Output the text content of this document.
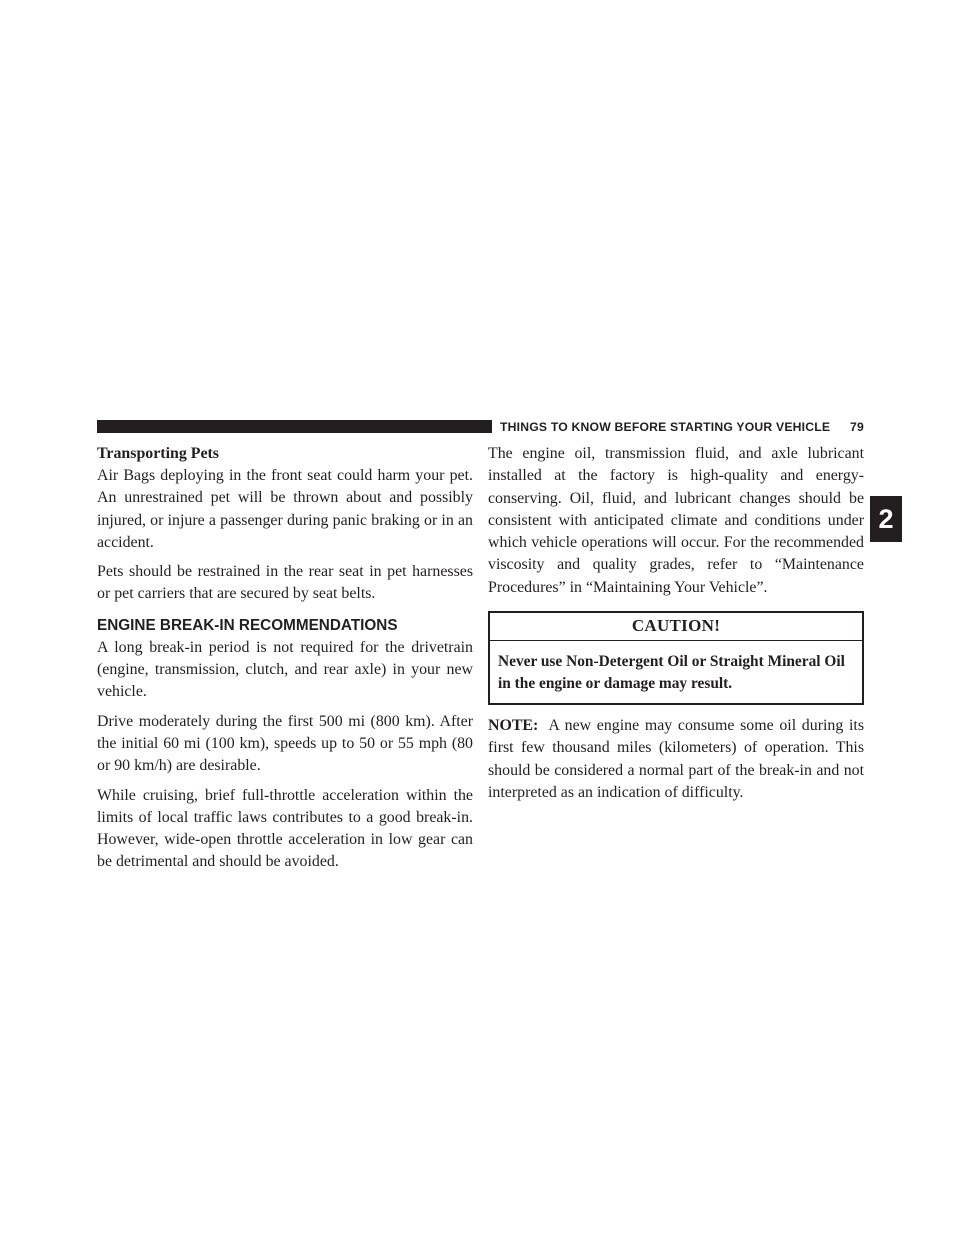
THINGS TO KNOW BEFORE STARTING YOUR VEHICLE 79
2
Transporting Pets

Air Bags deploying in the front seat could harm your pet. An unrestrained pet will be thrown about and possibly injured, or injure a passenger during panic braking or in an accident.

Pets should be restrained in the rear seat in pet harnesses or pet carriers that are secured by seat belts.

ENGINE BREAK-IN RECOMMENDATIONS

A long break-in period is not required for the drivetrain (engine, transmission, clutch, and rear axle) in your new vehicle.

Drive moderately during the first 500 mi (800 km). After the initial 60 mi (100 km), speeds up to 50 or 55 mph (80 or 90 km/h) are desirable.

While cruising, brief full-throttle acceleration within the limits of local traffic laws contributes to a good break-in. However, wide-open throttle acceleration in low gear can be detrimental and should be avoided.

The engine oil, transmission fluid, and axle lubricant installed at the factory is high-quality and energy-conserving. Oil, fluid, and lubricant changes should be consistent with anticipated climate and conditions under which vehicle operations will occur. For the recommended viscosity and quality grades, refer to “Maintenance Procedures” in “Maintaining Your Vehicle”.

CAUTION!
Never use Non-Detergent Oil or Straight Mineral Oil in the engine or damage may result.

NOTE: A new engine may consume some oil during its first few thousand miles (kilometers) of operation. This should be considered a normal part of the break-in and not interpreted as an indication of difficulty.
